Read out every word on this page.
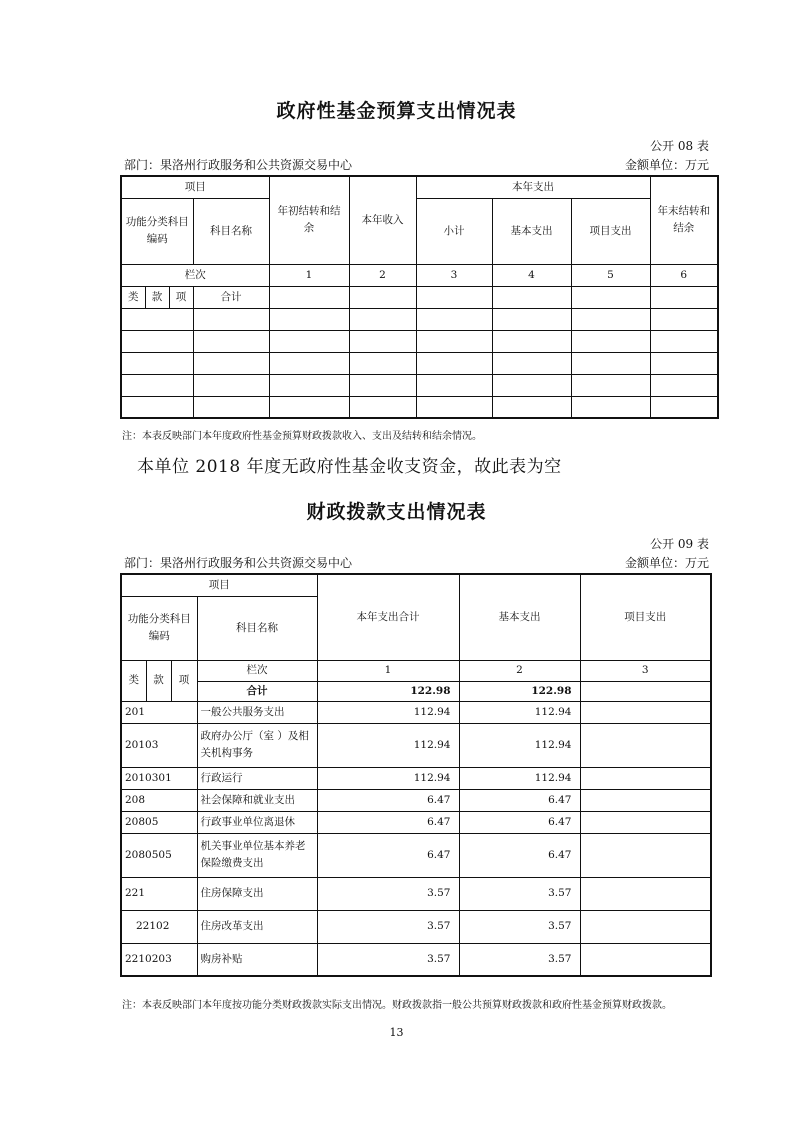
政府性基金预算支出情况表
公开 08 表
部门：果洛州行政服务和公共资源交易中心	金额单位：万元
项目				年初结转和结余	本年收入	本年支出			年末结转和结余
功能分类科目编码			科目名称			小计	基本支出	项目支出	
栏次				1	2	3	4	5	6
类	款	项	合计						

注：本表反映部门本年度政府性基金预算财政拨款收入、支出及结转和结余情况。
本单位 2018 年度无政府性基金收支资金，故此表为空
财政拨款支出情况表
公开 09 表
部门：果洛州行政服务和公共资源交易中心	金额单位：万元
项目				本年支出合计	基本支出	项目支出
功能分类科目编码			科目名称			
类	款	项	栏次	1	2	3
			合计	122.98	122.98	
201			一般公共服务支出	112.94	112.94	
20103			政府办公厅（室 ）及相关机构事务	112.94	112.94	
2010301			行政运行	112.94	112.94	
208			社会保障和就业支出	6.47	6.47	
20805			行政事业单位离退休	6.47	6.47	
2080505			机关事业单位基本养老保险缴费支出	6.47	6.47	
221			住房保障支出	3.57	3.57	
22102			住房改革支出	3.57	3.57	
2210203			购房补贴	3.57	3.57	
注：本表反映部门本年度按功能分类财政拨款实际支出情况。财政拨款指一般公共预算财政拨款和政府性基金预算财政拨款。
13
